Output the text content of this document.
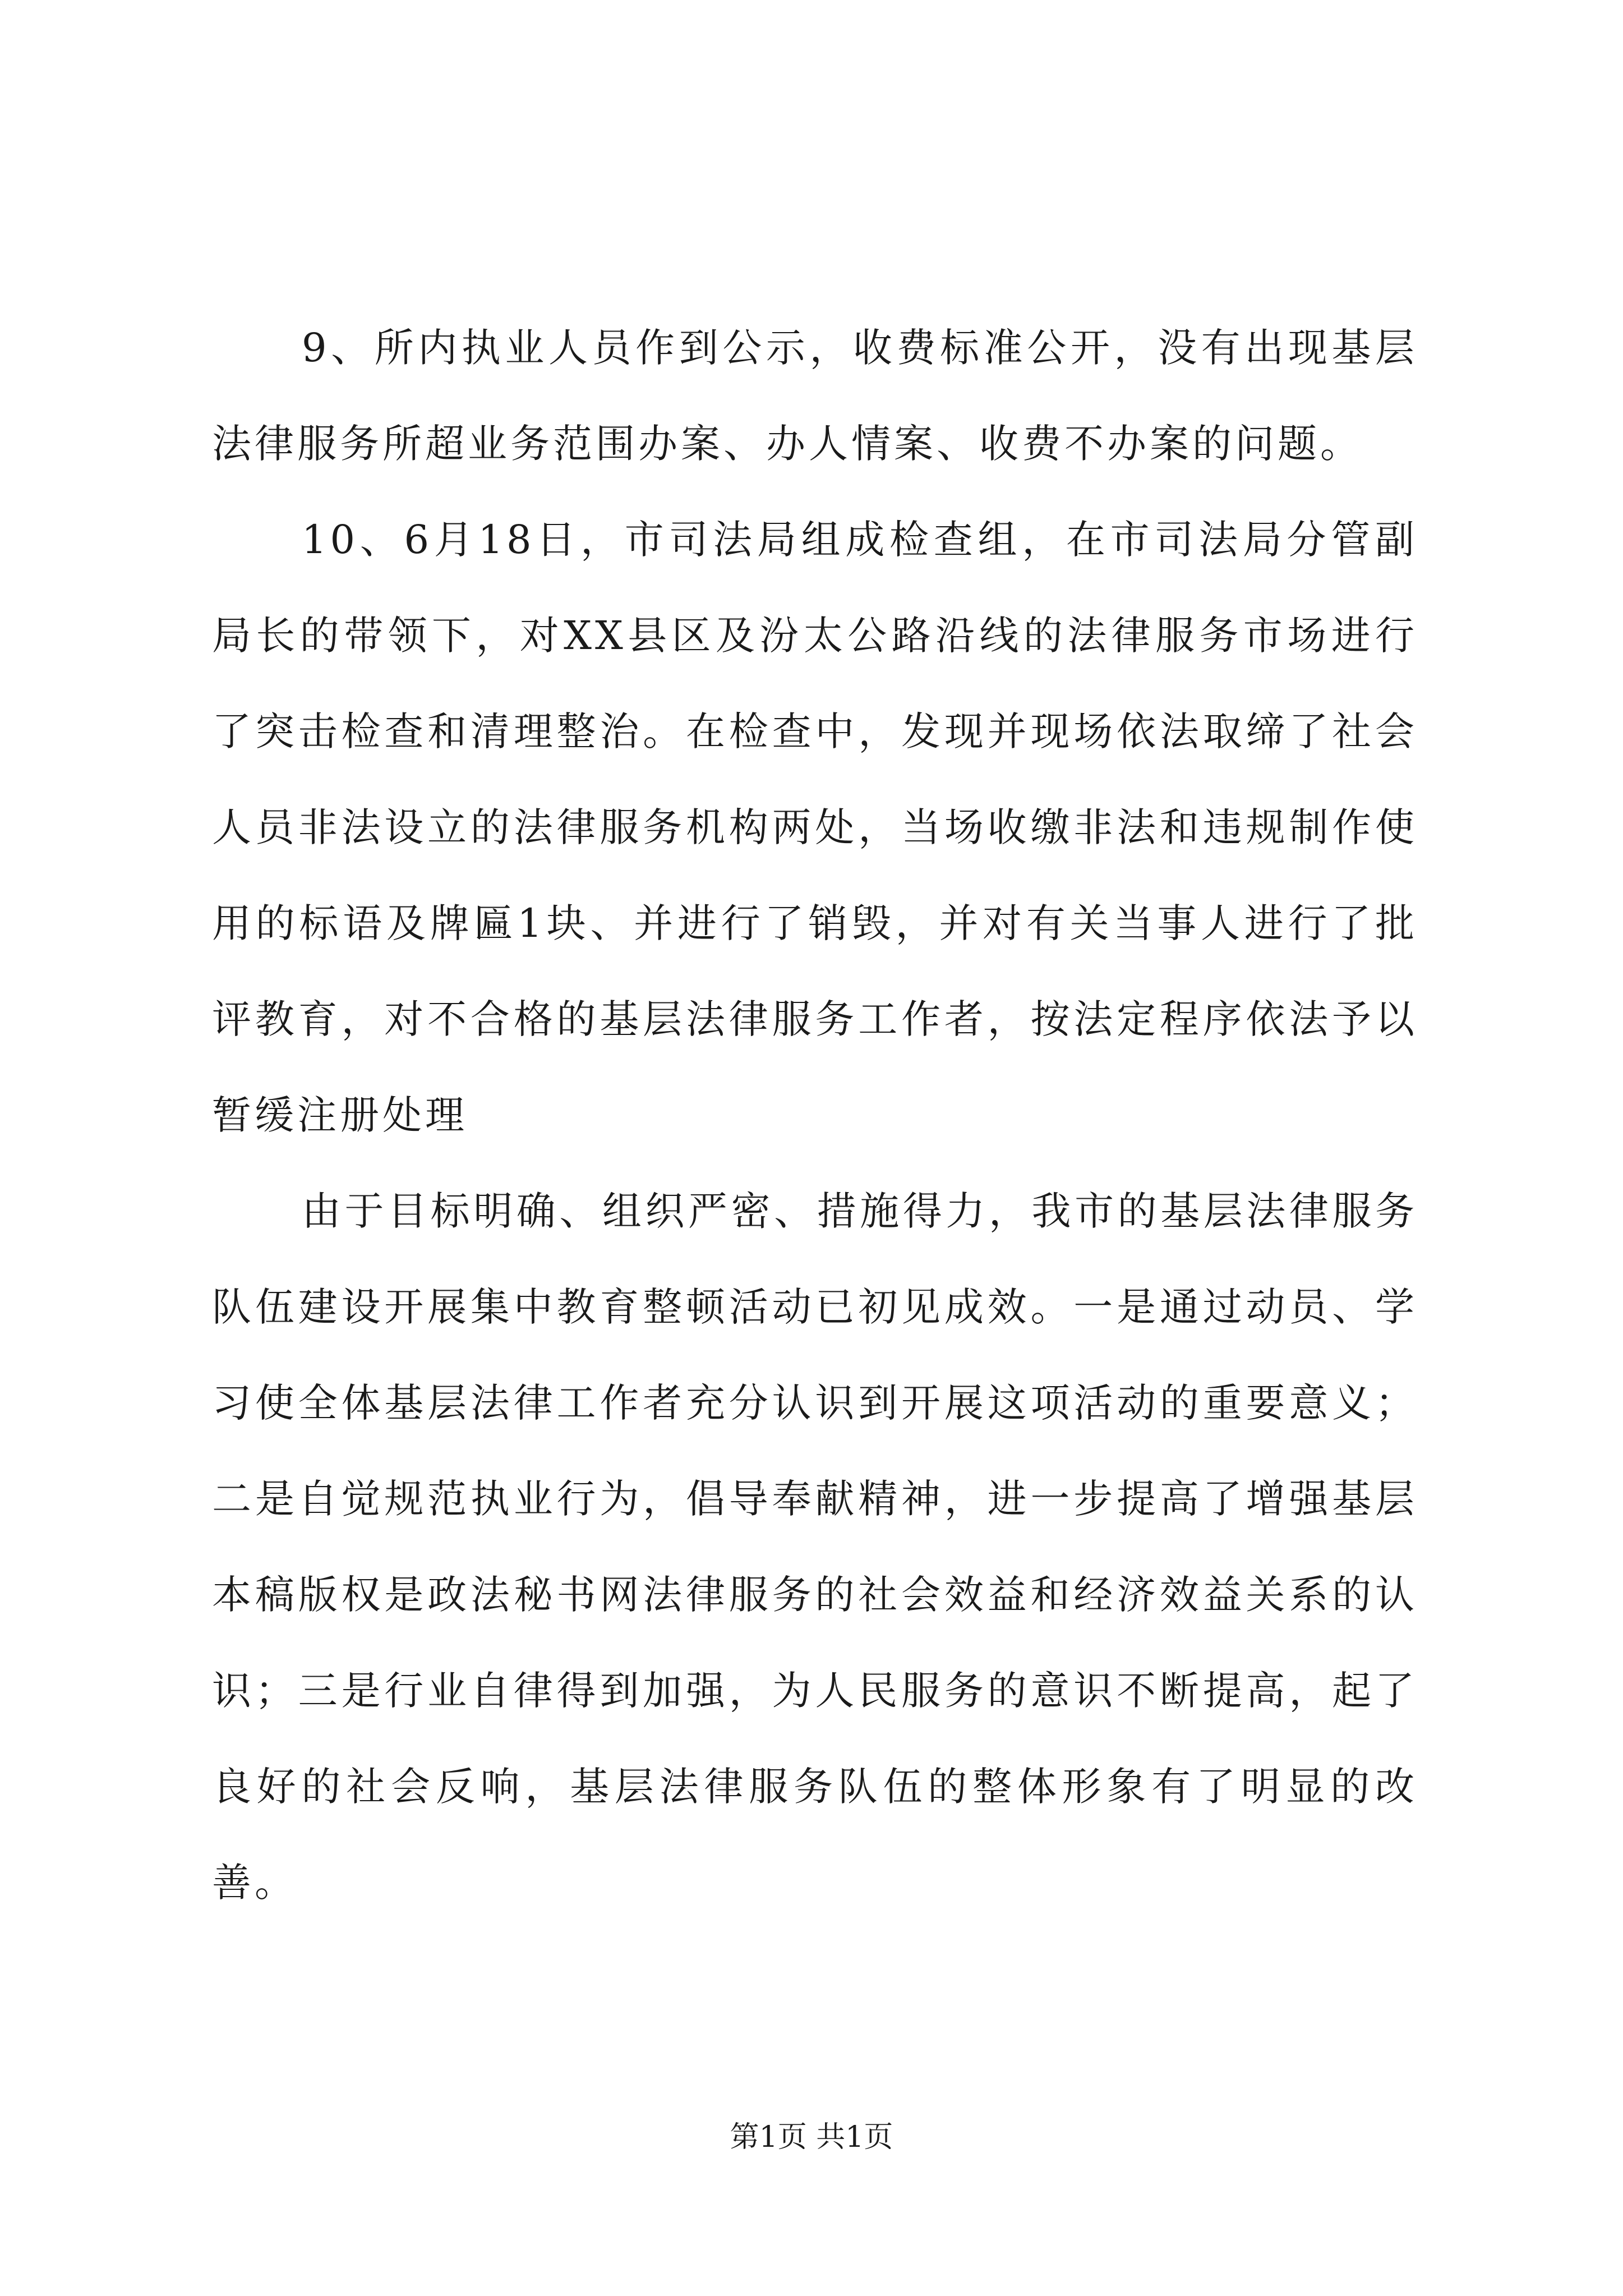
9、所内执业人员作到公示，收费标准公开，没有出现基层法律服务所超业务范围办案、办人情案、收费不办案的问题。

10、6月18日，市司法局组成检查组，在市司法局分管副局长的带领下，对XX县区及汾太公路沿线的法律服务市场进行了突击检查和清理整治。在检查中，发现并现场依法取缔了社会人员非法设立的法律服务机构两处，当场收缴非法和违规制作使用的标语及牌匾1块、并进行了销毁，并对有关当事人进行了批评教育，对不合格的基层法律服务工作者，按法定程序依法予以暂缓注册处理

由于目标明确、组织严密、措施得力，我市的基层法律服务队伍建设开展集中教育整顿活动已初见成效。一是通过动员、学习使全体基层法律工作者充分认识到开展这项活动的重要意义；二是自觉规范执业行为，倡导奉献精神，进一步提高了增强基层本稿版权是政法秘书网法律服务的社会效益和经济效益关系的认识；三是行业自律得到加强，为人民服务的意识不断提高，起了良好的社会反响，基层法律服务队伍的整体形象有了明显的改善。

第1页 共1页
